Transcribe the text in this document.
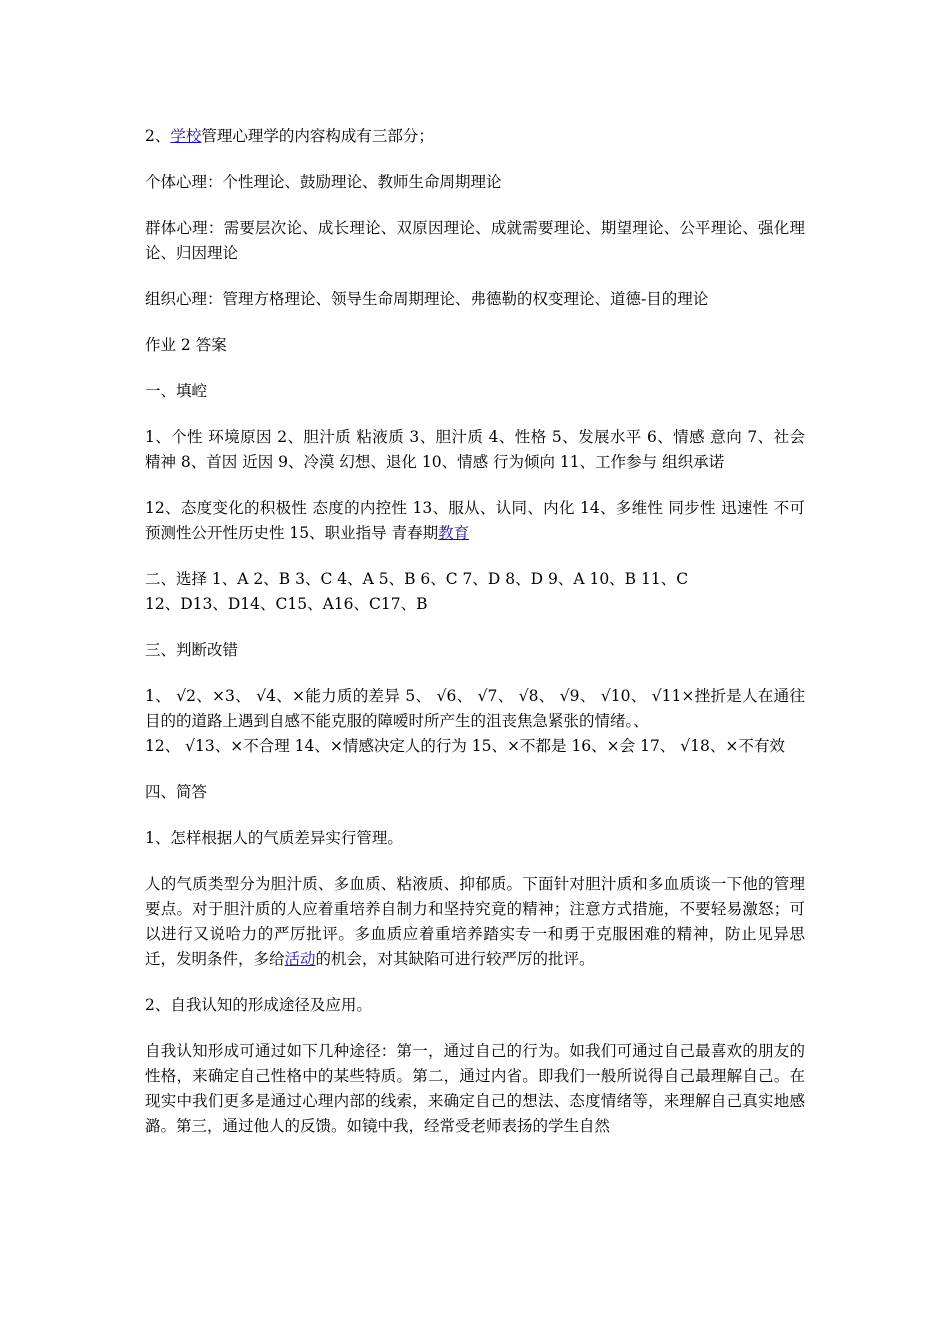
2、学校管理心理学的内容构成有三部分；

个体心理：个性理论、鼓励理论、教师生命周期理论

群体心理：需要层次论、成长理论、双原因理论、成就需要理论、期望理论、公平理论、强化理论、归因理论

组织心理：管理方格理论、领导生命周期理论、弗德勒的权变理论、道德-目的理论

作业 2 答案

一、填崆

1、个性 环境原因 2、胆汁质 粘液质 3、胆汁质 4、性格 5、发展水平 6、情感 意向 7、社会 精神 8、首因 近因 9、冷漠 幻想、退化 10、情感 行为倾向 11、工作参与 组织承诺

12、态度变化的积极性 态度的内控性 13、服从、认同、内化 14、多维性 同步性 迅速性 不可预测性公开性历史性 15、职业指导 青春期教育

二、选择 1、A 2、B 3、C 4、A 5、B 6、C 7、D 8、D 9、A 10、B 11、C
12、D13、D14、C15、A16、C17、B

三、判断改错

1、 √2、×3、 √4、×能力质的差异 5、 √6、 √7、 √8、 √9、 √10、 √11×挫折是人在通往目的的道路上遇到自感不能克服的障嗳时所产生的沮丧焦急紧张的情绪。、
12、 √13、×不合理 14、×情感决定人的行为 15、×不都是 16、×会 17、 √18、×不有效

四、简答

1、怎样根据人的气质差异实行管理。

人的气质类型分为胆汁质、多血质、粘液质、抑郁质。下面针对胆汁质和多血质谈一下他的管理要点。对于胆汁质的人应着重培养自制力和坚持究竟的精神；注意方式措施，不要轻易激怒；可以进行又说哈力的严厉批评。多血质应着重培养踏实专一和勇于克服困难的精神，防止见异思迁，发明条件，多给活动的机会，对其缺陷可进行较严厉的批评。

2、自我认知的形成途径及应用。

自我认知形成可通过如下几种途径：第一，通过自己的行为。如我们可通过自己最喜欢的朋友的性格，来确定自己性格中的某些特质。第二，通过内省。即我们一般所说得自己最理解自己。在现实中我们更多是通过心理内部的线索，来确定自己的想法、态度情绪等，来理解自己真实地感潞。第三，通过他人的反馈。如镜中我，经常受老师表扬的学生自然
